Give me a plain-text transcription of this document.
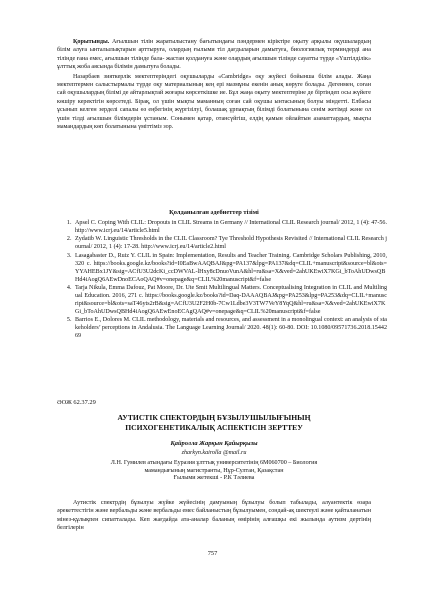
Қорытынды. Ағылшын тілін жаратылыстану бағытындағы пәндермен кіріктіре оқыту арқылы оқушылардың білім алуға ынталылықтарын арттыруға, олардың ғылыми тіл дағдыларын дамытуға, биологиялық терминдерді ана тілінде ғана емес, ағылшын тілінде бала- жастан қолдануға және олардың ағылшын тілінде сауатты түрде «Үштілділік» ұлттық жоба аясында білімін дамытуға болады.

Назарбаев зияткерлік мектептеріндегі оқушыларды «Cambridge» оқу жүйесі бойынша білім алады. Жаңа мектептермен салыстырмалы түрде оқу материалының кең ері мазмұны екенін анық көруге болады. Дегенмен, соған сай оқушылардың білімі де айтарлықтай жоғары көрсеткішке ие. Бұл жаңа оқыту мектептеріне де біртіндеп осы жүйеге көшіру керектігін көрсетеді. Бірақ, ол үшін мықты маманның соған сай оқушы ынтасының болуы міндетті. Елбасы ұсынып келген зерделі сапалы өз еңбегінің жүргізілуі, болашақ ұрпақтың білімді болатынына сенім жетімді және ол үшін тілді ағылшын білімдерін ұстаным. Сонымен қатар, отансүйгіш, елдің қамын ойлайтын азаматтардың, мықты мамандардың көп болатынына үміттіміз зор.

Қолданылған әдебиеттер тізімі
1. Apsel C. Coping With CLIL: Dropouts in CLIL Streams in Germany // International CLIL Research journal/ 2012, 1 (4): 47-56. http://www.icrj.eu/14/article5.html
2. Zydatib W. Linguistic Thresholds in the CLIL Classroom? Tye Threshold Hypothesis Revisited // International CLIL Research journal/ 2012, 1 (4): 17-28. http://www.icrj.eu/14/article2.html
3. Lasagabaster D., Ruiz Y. CLIL in Spain: Implementation, Results and Teacher Training. Cambridge Scholars Publishing, 2010, 320 c. https://books.google.kz/books?id=I0EaBwAAQBAJ&pg=PA137&lpg=PA137&dq=CLIL+manuscript&source=bl&ots=YYAHEBx1JY&sig=ACfU3U2dcKi_ccDWVAL-lHxy8cDnuoVunA&hl=ru&sa=X&ved=2ahUKEwiX7KGi_bToAhUDwsQBHd4iAogQ6AEwDnoECAoQAQ#v=onepage&q=CLIL%20manuscript&f=false
4. Tarja Nikula, Emma Dafouz, Pat Moore, Dr. Ute Smit Multilingual Matters. Conceptualising Integration in CLIL and Multilingual Education. 2016, 271 c. https://books.google.kz/books?id=Daq-DAAAQBAJ&pg=PA253&lpg=PA253&dq=CLIL+manuscript&source=bl&ots=saT46yts2rB&sig=ACfU3U2F2H0b-7Cw1Ldbe3V3TW7VeY8YqQ&hl=ru&sa=X&ved=2ahUKEwiX7KGi_bToAhUDwsQBHd4iAogQ6AEwEnoECAgQAQ#v=onepage&q=CLIL%20manuscript&f=false
5. Barrios E., Dolores M. CLIL methodology, materials and resources, and assessment in a monolingual context: an analysis of stakeholders’ perceptions in Andalusia. The Language Learning Journal/ 2020. 48(1): 60-80. DOI: 10.1080/09571736.2018.1544269
ӘОЖ 62.37.29
АУТИСТІК СПЕКТОРДЫҢ БҰЗЫЛУШЫЛЫҒЫНЫҢ
ПСИХОГЕНЕТИКАЛЫҚ АСПЕКТІСІН ЗЕРТТЕУ
Қайролла Жарқын Қайырқызы
zharkyn.kairolla @mail.ru
Л.Н. Гумилев атындағы Еуразия ұлттық университетінің 6М060700 – Биология
мамандығының магистранты, Нұр-Султан, Қазақстан
Ғылыми жетекші - Р.К Тәлиева

Аутистік спектрдің бұзылуы жүйке жүйесінің дамуының бұзылуы болып табылады, алуантектік өзара әрекеттестігін және вербальды және вербальды емес байланыстың бұзылуымен, сондай-ақ шектеулі және қайталанатын мінез-құлықпен сипатталады. Кеп жағдайда ата-аналар баланың өмірінің алғашқы екі жылында аутизм дертінің белгілерін

757
